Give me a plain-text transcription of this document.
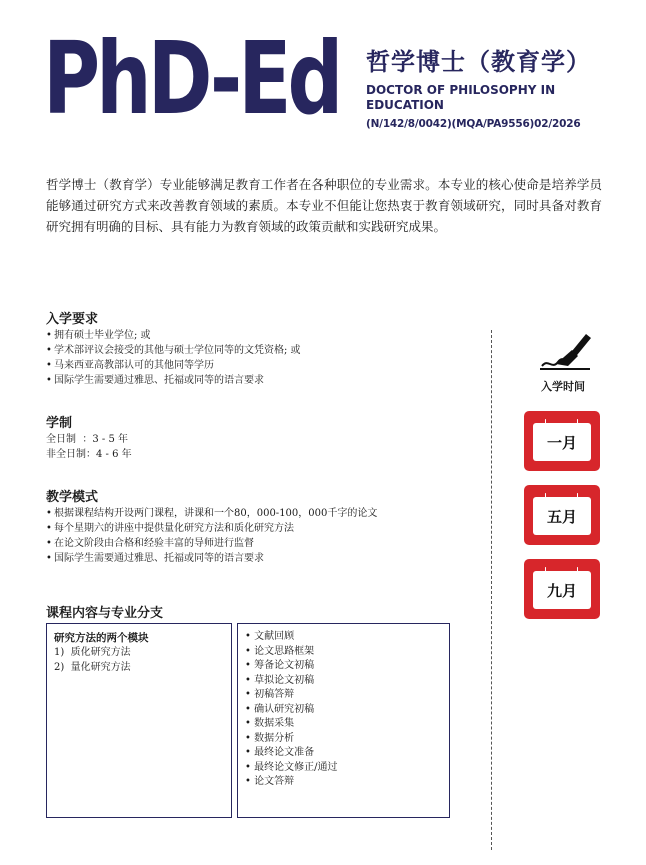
PhD-Ed 哲学博士（教育学）
DOCTOR OF PHILOSOPHY IN EDUCATION
(N/142/8/0042)(MQA/PA9556)02/2026

哲学博士（教育学）专业能够满足教育工作者在各种职位的专业需求。本专业的核心使命是培养学员能够通过研究方式来改善教育领域的素质。本专业不但能让您热衷于教育领域研究，同时具备对教育研究拥有明确的目标、具有能力为教育领域的政策贡献和实践研究成果。

入学要求
• 拥有硕士毕业学位; 或
• 学术部评议会接受的其他与硕士学位同等的文凭资格; 或
• 马来西亚高教部认可的其他同等学历
• 国际学生需要通过雅思、托福或同等的语言要求
学制

全日制  ：3 - 5 年

非全日制：4 - 6 年

教学模式
• 根据课程结构开设两门课程，讲课和一个80，000-100，000千字的论文
• 每个星期六的讲座中提供量化研究方法和质化研究方法
• 在论文阶段由合格和经验丰富的导师进行监督
• 国际学生需要通过雅思、托福或同等的语言要求
入学时间
一月
五月
九月
课程内容与专业分支
研究方法的两个模块

1)  质化研究方法

2)  量化研究方法

• 文献回顾
• 论文思路框架
• 筹备论文初稿
• 草拟论文初稿
• 初稿答辩
• 确认研究初稿
• 数据采集
• 数据分析
• 最终论文准备
• 最终论文修正/通过
• 论文答辩
